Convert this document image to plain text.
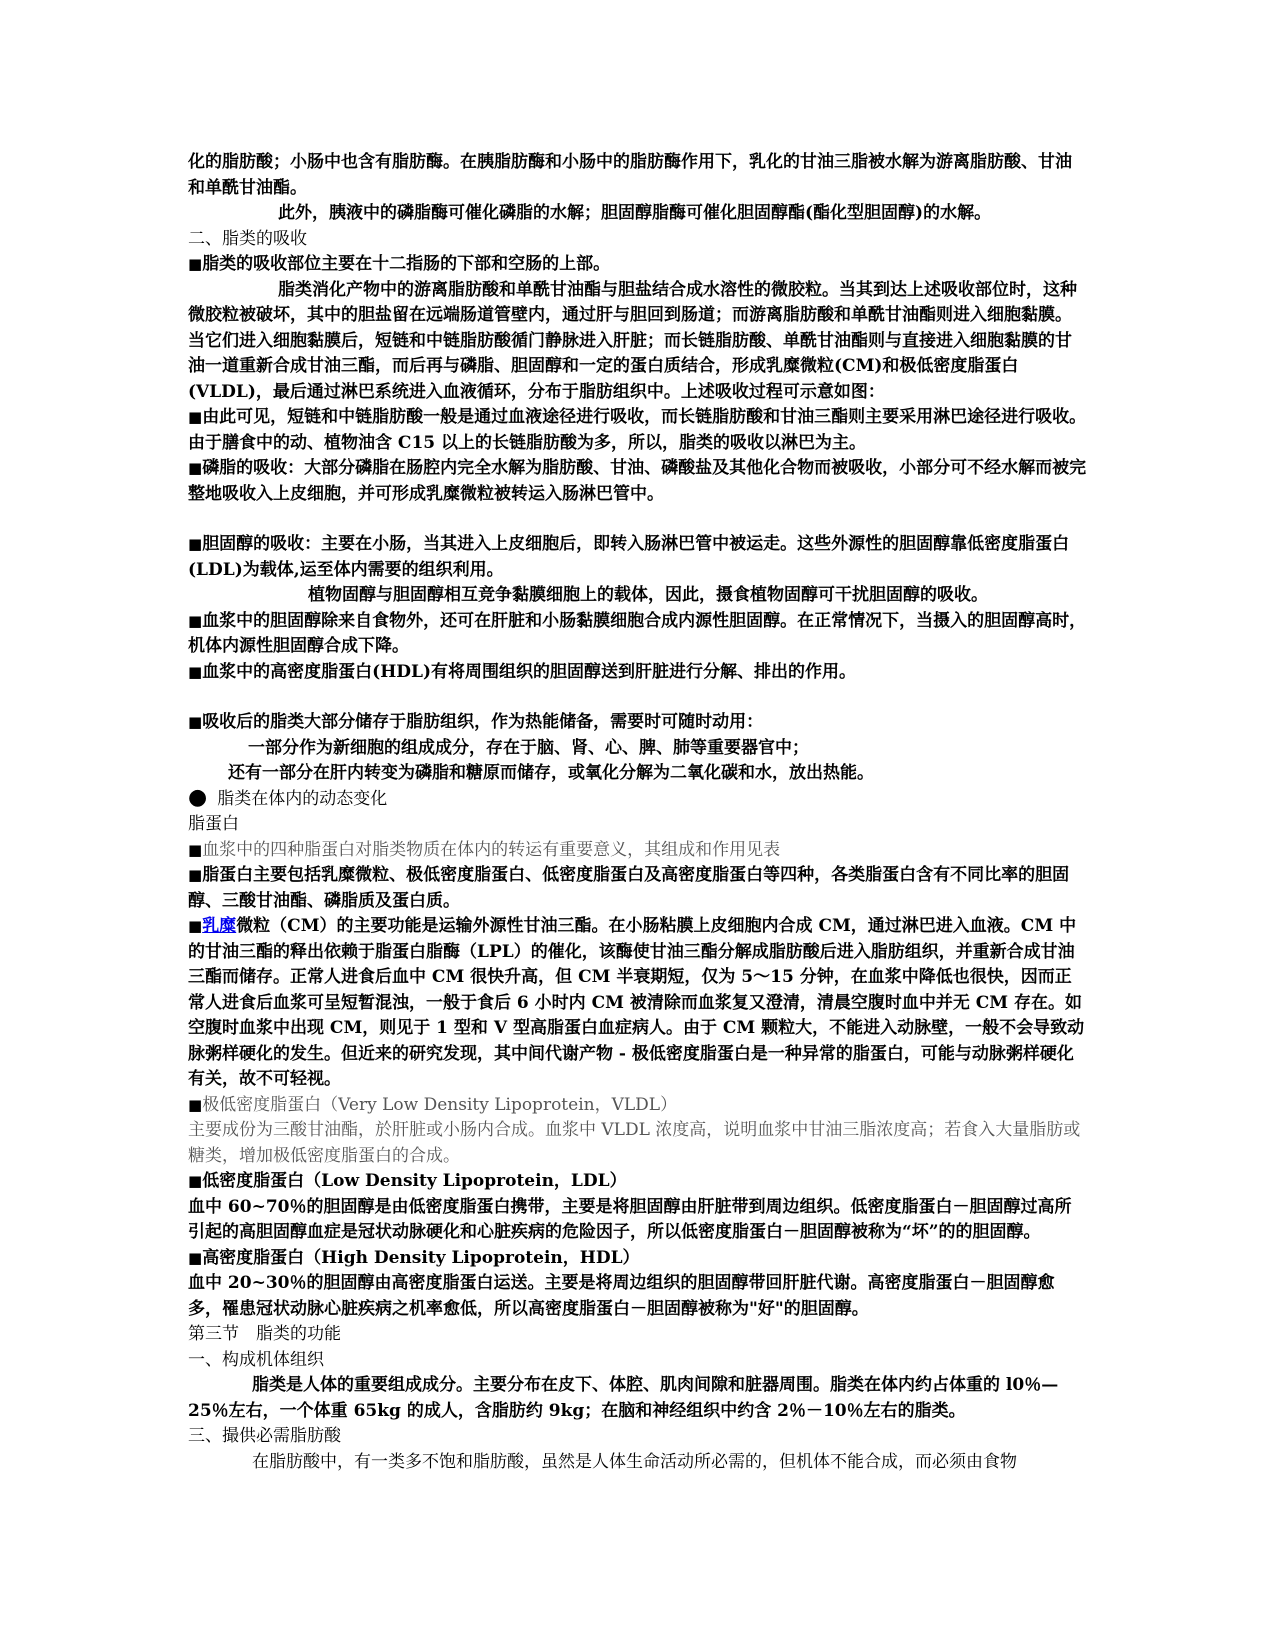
化的脂肪酸；小肠中也含有脂肪酶。在胰脂肪酶和小肠中的脂肪酶作用下，乳化的甘油三脂被水解为游离脂肪酸、甘油和单酰甘油酯。

此外，胰液中的磷脂酶可催化磷脂的水解；胆固醇脂酶可催化胆固醇酯(酯化型胆固醇)的水解。

二、脂类的吸收

■脂类的吸收部位主要在十二指肠的下部和空肠的上部。

脂类消化产物中的游离脂肪酸和单酰甘油酯与胆盐结合成水溶性的微胶粒。当其到达上述吸收部位时，这种微胶粒被破坏，其中的胆盐留在远端肠道管壁内，通过肝与胆回到肠道；而游离脂肪酸和单酰甘油酯则进入细胞黏膜。当它们进入细胞黏膜后，短链和中链脂肪酸循门静脉进入肝脏；而长链脂肪酸、单酰甘油酯则与直接进入细胞黏膜的甘油一道重新合成甘油三酯，而后再与磷脂、胆固醇和一定的蛋白质结合，形成乳糜微粒(CM)和极低密度脂蛋白(VLDL)，最后通过淋巴系统进入血液循环，分布于脂肪组织中。上述吸收过程可示意如图：

■由此可见，短链和中链脂肪酸一般是通过血液途径进行吸收，而长链脂肪酸和甘油三酯则主要采用淋巴途径进行吸收。由于膳食中的动、植物油含 C15 以上的长链脂肪酸为多，所以，脂类的吸收以淋巴为主。

■磷脂的吸收：大部分磷脂在肠腔内完全水解为脂肪酸、甘油、磷酸盐及其他化合物而被吸收，小部分可不经水解而被完整地吸收入上皮细胞，并可形成乳糜微粒被转运入肠淋巴管中。

■胆固醇的吸收：主要在小肠，当其进入上皮细胞后，即转入肠淋巴管中被运走。这些外源性的胆固醇靠低密度脂蛋白(LDL)为载体,运至体内需要的组织利用。

植物固醇与胆固醇相互竞争黏膜细胞上的载体，因此，摄食植物固醇可干扰胆固醇的吸收。

■血浆中的胆固醇除来自食物外，还可在肝脏和小肠黏膜细胞合成内源性胆固醇。在正常情况下，当摄入的胆固醇高时，机体内源性胆固醇合成下降。

■血浆中的高密度脂蛋白(HDL)有将周围组织的胆固醇送到肝脏进行分解、排出的作用。

■吸收后的脂类大部分储存于脂肪组织，作为热能储备，需要时可随时动用：

一部分作为新细胞的组成成分，存在于脑、肾、心、脾、肺等重要器官中；

还有一部分在肝内转变为磷脂和糖原而储存，或氧化分解为二氧化碳和水，放出热能。

● 脂类在体内的动态变化

脂蛋白

■血浆中的四种脂蛋白对脂类物质在体内的转运有重要意义，其组成和作用见表

■脂蛋白主要包括乳糜微粒、极低密度脂蛋白、低密度脂蛋白及高密度脂蛋白等四种，各类脂蛋白含有不同比率的胆固醇、三酸甘油酯、磷脂质及蛋白质。

■乳糜微粒（CM）的主要功能是运输外源性甘油三酯。在小肠粘膜上皮细胞内合成 CM，通过淋巴进入血液。CM 中的甘油三酯的释出依赖于脂蛋白脂酶（LPL）的催化，该酶使甘油三酯分解成脂肪酸后进入脂肪组织，并重新合成甘油三酯而储存。正常人进食后血中 CM 很快升高，但 CM 半衰期短，仅为 5～15 分钟，在血浆中降低也很快，因而正常人进食后血浆可呈短暂混浊，一般于食后 6 小时内 CM 被清除而血浆复又澄清，清晨空腹时血中并无 CM 存在。如空腹时血浆中出现 CM，则见于 1 型和 V 型高脂蛋白血症病人。由于 CM 颗粒大，不能进入动脉壁，一般不会导致动脉粥样硬化的发生。但近来的研究发现，其中间代谢产物 - 极低密度脂蛋白是一种异常的脂蛋白，可能与动脉粥样硬化有关，故不可轻视。

■极低密度脂蛋白（Very Low Density Lipoprotein，VLDL）

主要成份为三酸甘油酯，於肝脏或小肠内合成。血浆中 VLDL 浓度高，说明血浆中甘油三脂浓度高；若食入大量脂肪或糖类，增加极低密度脂蛋白的合成。

■低密度脂蛋白（Low Density Lipoprotein，LDL）

血中 60~70％的胆固醇是由低密度脂蛋白携带，主要是将胆固醇由肝脏带到周边组织。低密度脂蛋白－胆固醇过高所引起的高胆固醇血症是冠状动脉硬化和心脏疾病的危险因子，所以低密度脂蛋白－胆固醇被称为“坏”的的胆固醇。

■高密度脂蛋白（High Density Lipoprotein，HDL）

血中 20~30％的胆固醇由高密度脂蛋白运送。主要是将周边组织的胆固醇带回肝脏代谢。高密度脂蛋白－胆固醇愈多，罹患冠状动脉心脏疾病之机率愈低，所以高密度脂蛋白－胆固醇被称为"好"的胆固醇。

第三节　脂类的功能

一、构成机体组织

脂类是人体的重要组成成分。主要分布在皮下、体腔、肌肉间隙和脏器周围。脂类在体内约占体重的 l0％—25％左右，一个体重 65kg 的成人，含脂肪约 9kg；在脑和神经组织中约含 2％－10％左右的脂类。

三、撮供必需脂肪酸

在脂肪酸中，有一类多不饱和脂肪酸，虽然是人体生命活动所必需的，但机体不能合成，而必须由食物
